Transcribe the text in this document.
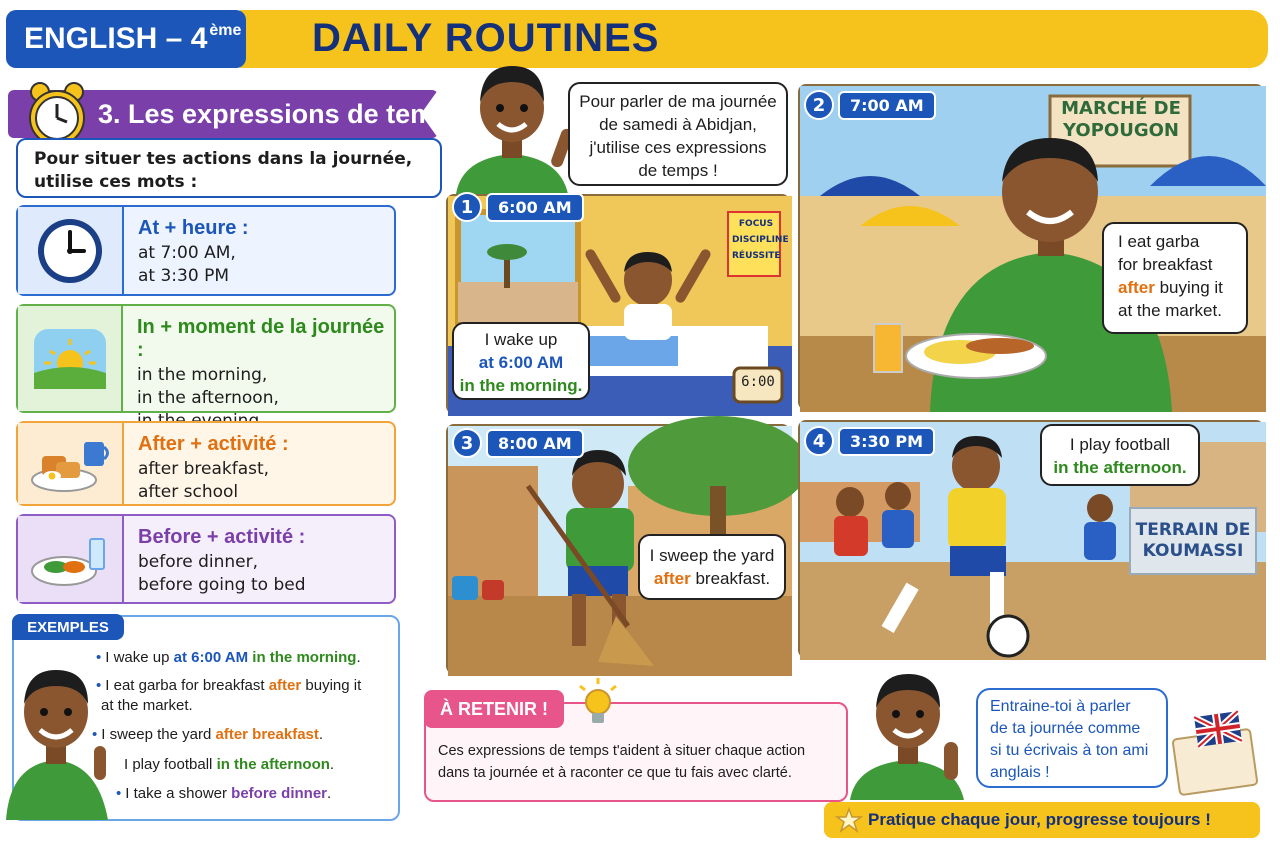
DAILY ROUTINES
ENGLISH – 4ème
3. Les expressions de temps
Pour situer tes actions dans la journée,
utilise ces mots :
At + heure :
at 7:00 AM,
at 3:30 PM
In + moment de la journée :
in the morning,
in the afternoon,
After + activité :
after breakfast,
after school
Before + activité :
before dinner,
before going to bed
EXEMPLES
• I wake up at 6:00 AM in the morning.
• I eat garba for breakfast after buying it
at the market.
• I sweep the yard after breakfast.
I play football in the afternoon.
• I take a shower before dinner.
Pour parler de ma journée
de samedi à Abidjan,
j'utilise ces expressions
de temps !
FOCUS
DISCIPLINE
RÉUSSITE
6:00
1	6:00 AM
I wake up
at 6:00 AM
in the morning.
MARCHÉ DE
YOPOUGON
2	7:00 AM
I eat garba
for breakfast
after buying it
at the market.
3	8:00 AM
I sweep the yard
after breakfast.
TERRAIN DE
KOUMASSI
4	3:30 PM	I play football
in the afternoon.
À RETENIR !
Ces expressions de temps t'aident à situer chaque action
dans ta journée et à raconter ce que tu fais avec clarté.
Entraine-toi à parler
de ta journée comme
si tu écrivais à ton ami
anglais !
Pratique chaque jour, progresse toujours !
